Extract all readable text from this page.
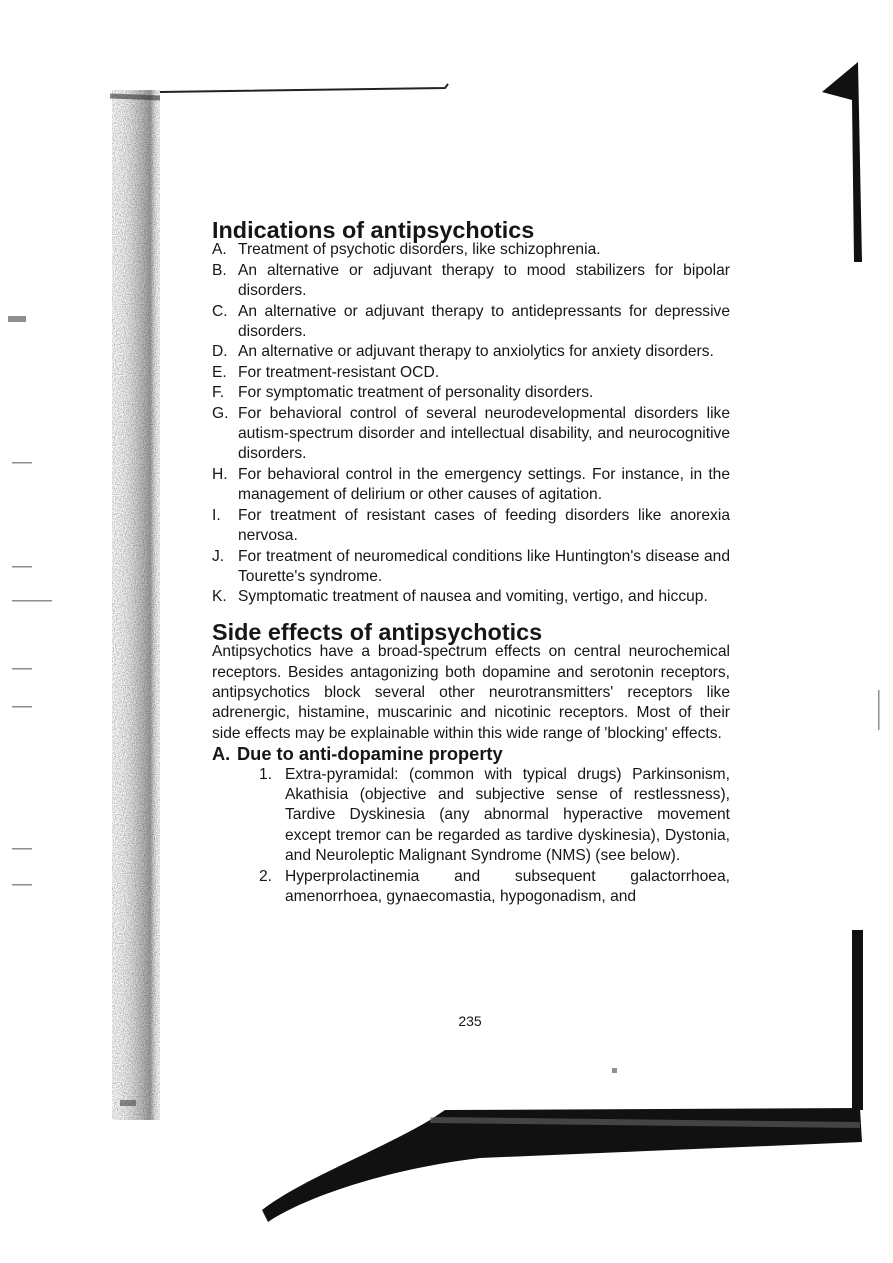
Indications of antipsychotics

A. Treatment of psychotic disorders, like schizophrenia.

B. An alternative or adjuvant therapy to mood stabilizers for bipolar disorders.

C. An alternative or adjuvant therapy to antidepressants for depressive disorders.

D. An alternative or adjuvant therapy to anxiolytics for anxiety disorders.

E. For treatment-resistant OCD.

F. For symptomatic treatment of personality disorders.

G. For behavioral control of several neurodevelopmental disorders like autism-spectrum disorder and intellectual disability, and neurocognitive disorders.

H. For behavioral control in the emergency settings. For instance, in the management of delirium or other causes of agitation.

I. For treatment of resistant cases of feeding disorders like anorexia nervosa.

J. For treatment of neuromedical conditions like Huntington's disease and Tourette's syndrome.

K. Symptomatic treatment of nausea and vomiting, vertigo, and hiccup.

Side effects of antipsychotics

Antipsychotics have a broad-spectrum effects on central neurochemical receptors. Besides antagonizing both dopamine and serotonin receptors, antipsychotics block several other neurotransmitters' receptors like adrenergic, histamine, muscarinic and nicotinic receptors. Most of their side effects may be explainable within this wide range of 'blocking' effects.

A. Due to anti-dopamine property

1. Extra-pyramidal: (common with typical drugs) Parkinsonism, Akathisia (objective and subjective sense of restlessness), Tardive Dyskinesia (any abnormal hyperactive movement except tremor can be regarded as tardive dyskinesia), Dystonia, and Neuroleptic Malignant Syndrome (NMS) (see below).

2. Hyperprolactinemia and subsequent galactorrhoea, amenorrhoea, gynaecomastia, hypogonadism, and

235
